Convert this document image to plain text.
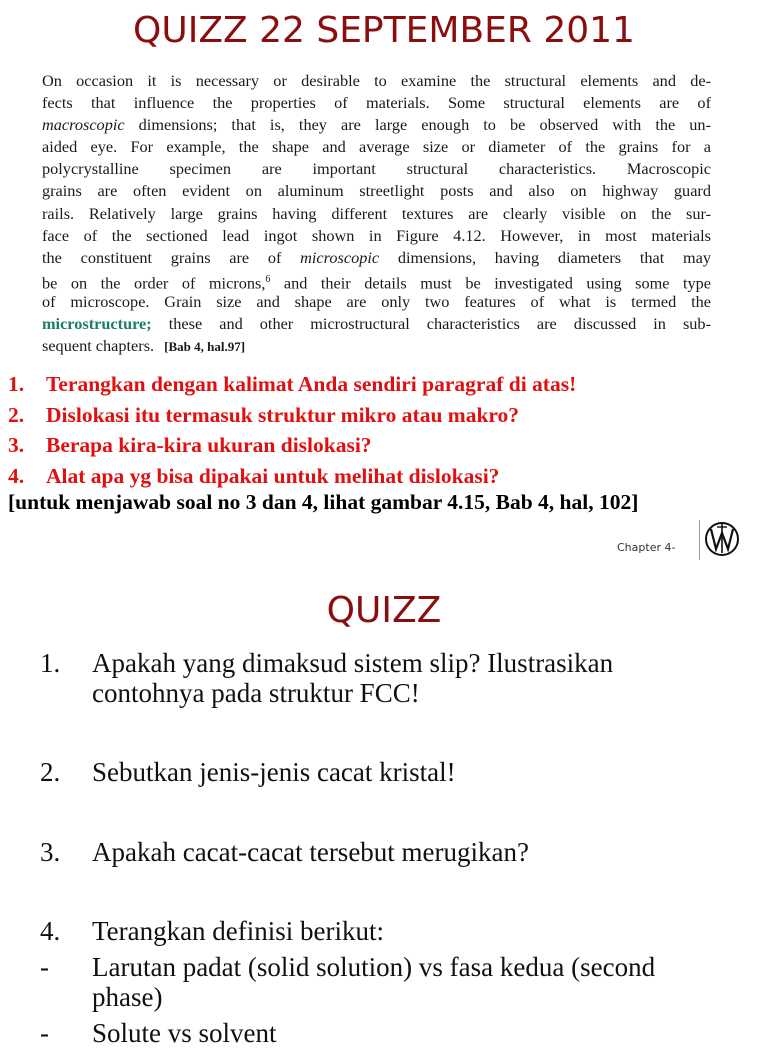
QUIZZ 22 SEPTEMBER 2011
On occasion it is necessary or desirable to examine the structural elements and de-
fects that influence the properties of materials. Some structural elements are of
macroscopic dimensions; that is, they are large enough to be observed with the un-
aided eye. For example, the shape and average size or diameter of the grains for a
polycrystalline specimen are important structural characteristics. Macroscopic
grains are often evident on aluminum streetlight posts and also on highway guard
rails. Relatively large grains having different textures are clearly visible on the sur-
face of the sectioned lead ingot shown in Figure 4.12. However, in most materials
the constituent grains are of microscopic dimensions, having diameters that may
be on the order of microns,$^6$ and their details must be investigated using some type
of microscope. Grain size and shape are only two features of what is termed the
microstructure; these and other microstructural characteristics are discussed in sub-
sequent chapters. [Bab 4, hal.97]
1. Terangkan dengan kalimat Anda sendiri paragraf di atas!
2. Dislokasi itu termasuk struktur mikro atau makro?
3. Berapa kira-kira ukuran dislokasi?
4. Alat apa yg bisa dipakai untuk melihat dislokasi?
[untuk menjawab soal no 3 dan 4, lihat gambar 4.15, Bab 4, hal, 102]
Chapter 4-
QUIZZ
1. Apakah yang dimaksud sistem slip? Ilustrasikan contohnya pada struktur FCC!
2. Sebutkan jenis-jenis cacat kristal!
3. Apakah cacat-cacat tersebut merugikan?
4. Terangkan definisi berikut:
- Larutan padat (solid solution) vs fasa kedua (second phase)
- Solute vs solvent
